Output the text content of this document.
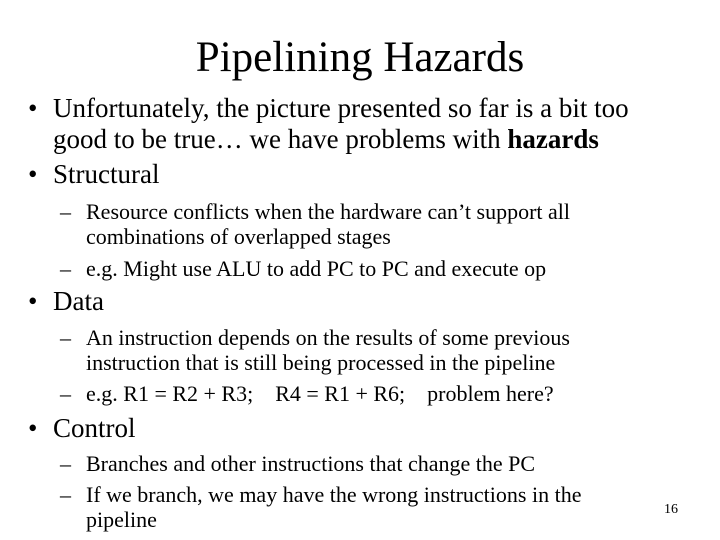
Pipelining Hazards
• Unfortunately, the picture presented so far is a bit too good to be true… we have problems with hazards
• Structural
– Resource conflicts when the hardware can’t support all combinations of overlapped stages
– e.g. Might use ALU to add PC to PC and execute op
• Data
– An instruction depends on the results of some previous instruction that is still being processed in the pipeline
– e.g. R1 = R2 + R3;    R4 = R1 + R6;    problem here?
• Control
– Branches and other instructions that change the PC
– If we branch, we may have the wrong instructions in the pipeline	16
